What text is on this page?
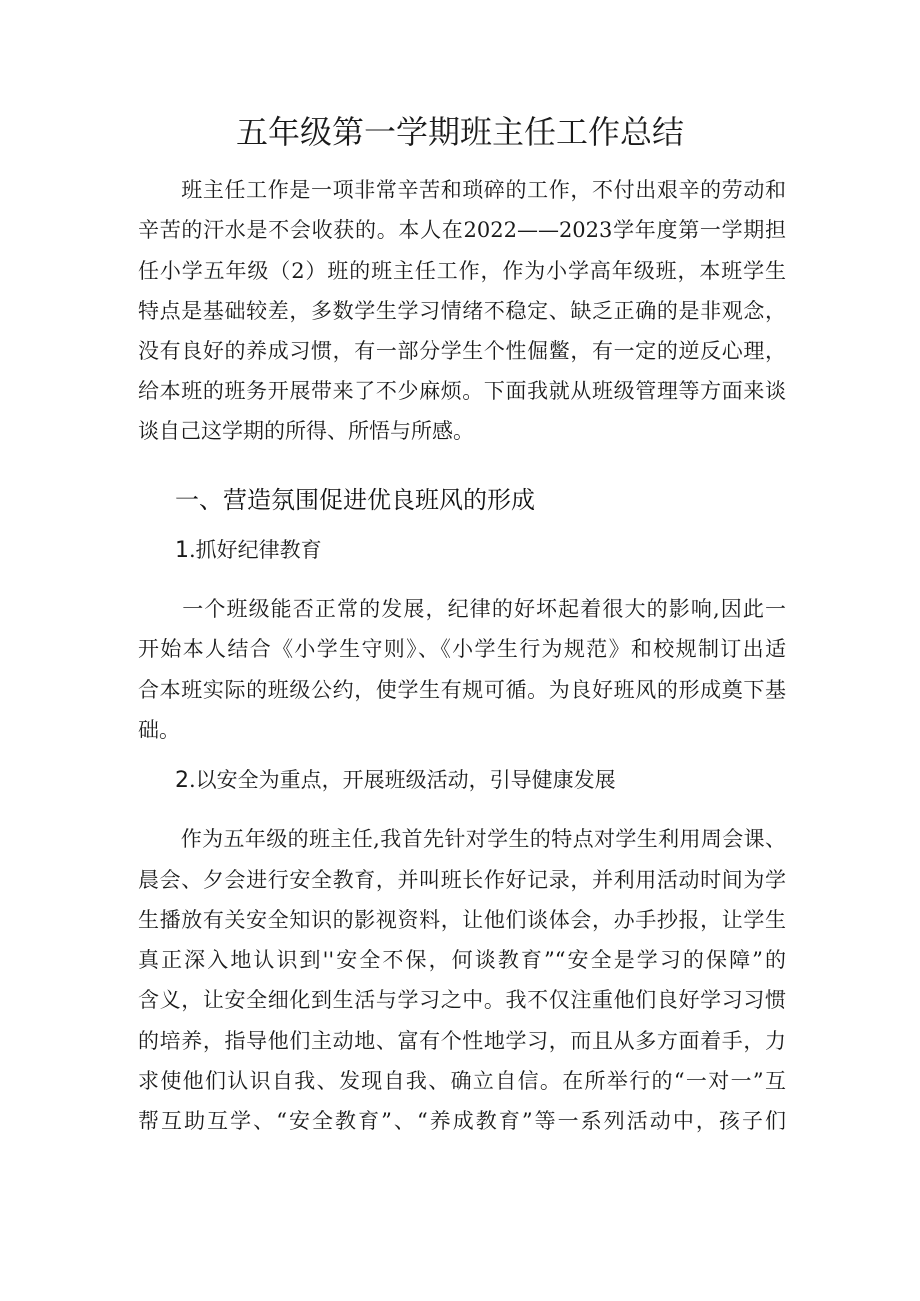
五年级第一学期班主任工作总结
　　班主任工作是一项非常辛苦和琐碎的工作，不付出艰辛的劳动和
辛苦的汗水是不会收获的。本人在2022——2023学年度第一学期担
任小学五年级（2）班的班主任工作，作为小学高年级班，本班学生
特点是基础较差，多数学生学习情绪不稳定、缺乏正确的是非观念，
没有良好的养成习惯，有一部分学生个性倔鳖，有一定的逆反心理，
给本班的班务开展带来了不少麻烦。下面我就从班级管理等方面来谈
谈自己这学期的所得、所悟与所感。
一、营造氛围促进优良班风的形成
1.抓好纪律教育
　　一个班级能否正常的发展，纪律的好坏起着很大的影响,因此一
开始本人结合《小学生守则》、《小学生行为规范》和校规制订出适
合本班实际的班级公约，使学生有规可循。为良好班风的形成奠下基
础。
2.以安全为重点，开展班级活动，引导健康发展
　　作为五年级的班主任,我首先针对学生的特点对学生利用周会课、
晨会、夕会进行安全教育，并叫班长作好记录，并利用活动时间为学
生播放有关安全知识的影视资料，让他们谈体会，办手抄报，让学生
真正深入地认识到''安全不保，何谈教育”“安全是学习的保障”的
含义，让安全细化到生活与学习之中。我不仅注重他们良好学习习惯
的培养，指导他们主动地、富有个性地学习，而且从多方面着手，力
求使他们认识自我、发现自我、确立自信。在所举行的“一对一”互
帮互助互学、“安全教育”、“养成教育”等一系列活动中，孩子们
